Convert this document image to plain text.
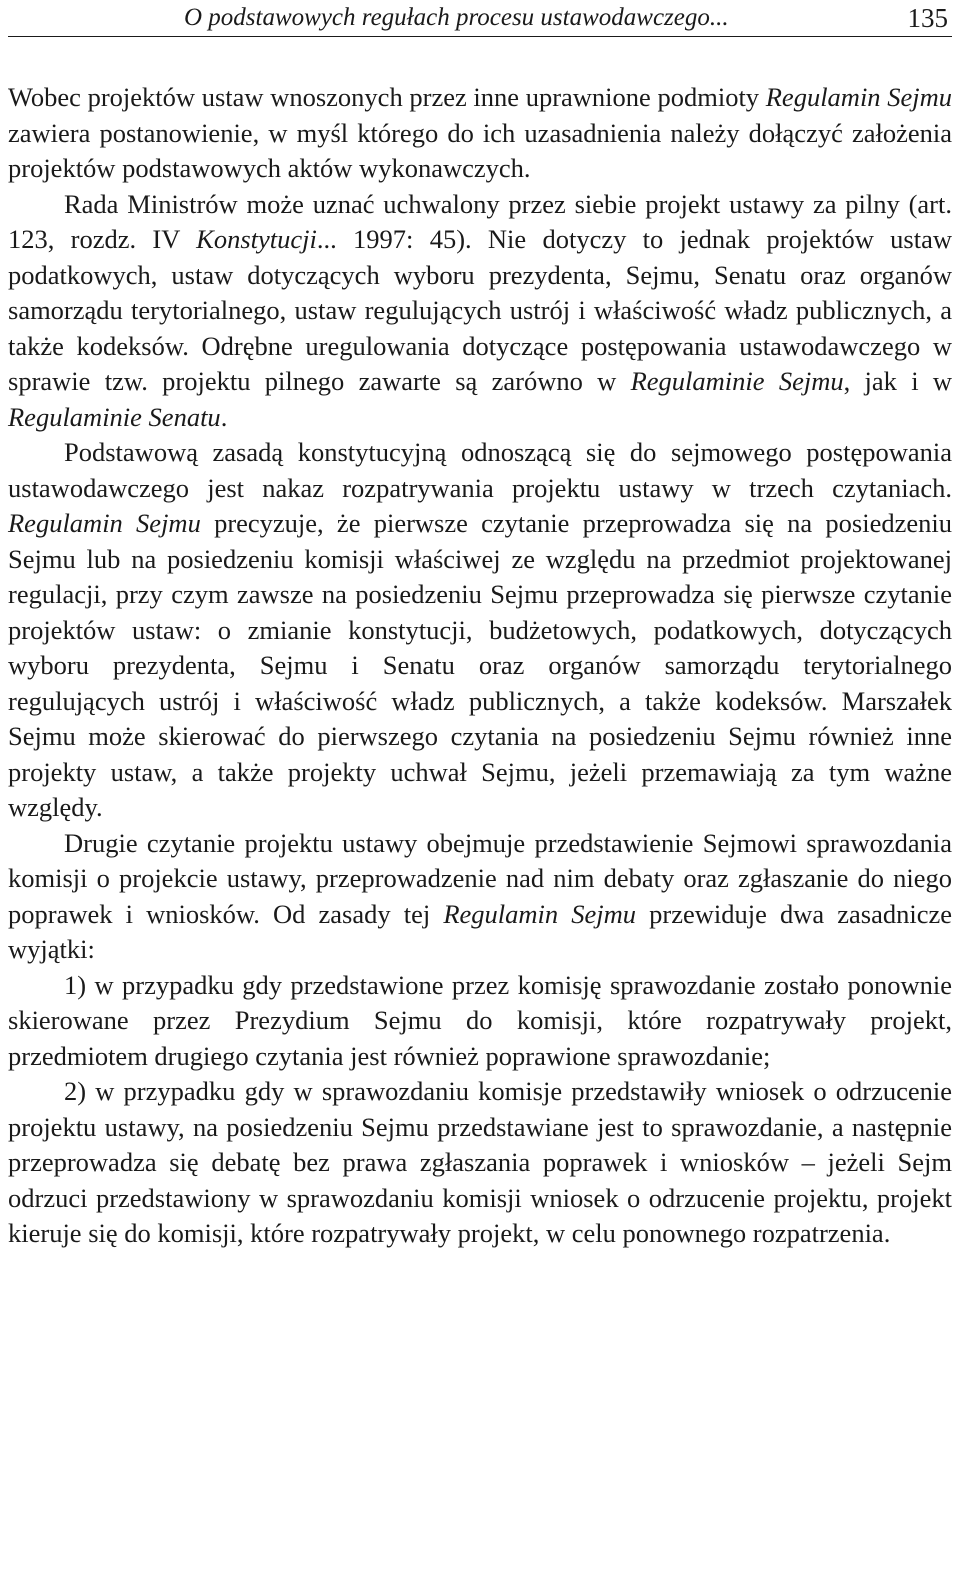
O podstawowych regułach procesu ustawodawczego...	135

Wobec projektów ustaw wnoszonych przez inne uprawnione podmioty Regulamin Sejmu zawiera postanowienie, w myśl którego do ich uzasadnienia należy dołączyć założenia projektów podstawowych aktów wykonawczych.

Rada Ministrów może uznać uchwalony przez siebie projekt ustawy za pilny (art. 123, rozdz. IV Konstytucji... 1997: 45). Nie dotyczy to jednak projektów ustaw podatkowych, ustaw dotyczących wyboru prezydenta, Sejmu, Senatu oraz organów samorządu terytorialnego, ustaw regulujących ustrój i właściwość władz publicznych, a także kodeksów. Odrębne uregulowania dotyczące postępowania ustawodawczego w sprawie tzw. projektu pilnego zawarte są zarówno w Regulaminie Sejmu, jak i w Regulaminie Senatu.

Podstawową zasadą konstytucyjną odnoszącą się do sejmowego postępowania ustawodawczego jest nakaz rozpatrywania projektu ustawy w trzech czytaniach. Regulamin Sejmu precyzuje, że pierwsze czytanie przeprowadza się na posiedzeniu Sejmu lub na posiedzeniu komisji właściwej ze względu na przedmiot projektowanej regulacji, przy czym zawsze na posiedzeniu Sejmu przeprowadza się pierwsze czytanie projektów ustaw: o zmianie konstytucji, budżetowych, podatkowych, dotyczących wyboru prezydenta, Sejmu i Senatu oraz organów samorządu terytorialnego regulujących ustrój i właściwość władz publicznych, a także kodeksów. Marszałek Sejmu może skierować do pierwszego czytania na posiedzeniu Sejmu również inne projekty ustaw, a także projekty uchwał Sejmu, jeżeli przemawiają za tym ważne względy.

Drugie czytanie projektu ustawy obejmuje przedstawienie Sejmowi sprawozdania komisji o projekcie ustawy, przeprowadzenie nad nim debaty oraz zgłaszanie do niego poprawek i wniosków. Od zasady tej Regulamin Sejmu przewiduje dwa zasadnicze wyjątki:

1) w przypadku gdy przedstawione przez komisję sprawozdanie zostało ponownie skierowane przez Prezydium Sejmu do komisji, które rozpatrywały projekt, przedmiotem drugiego czytania jest również poprawione sprawozdanie;

2) w przypadku gdy w sprawozdaniu komisje przedstawiły wniosek o odrzucenie projektu ustawy, na posiedzeniu Sejmu przedstawiane jest to sprawozdanie, a następnie przeprowadza się debatę bez prawa zgłaszania poprawek i wniosków – jeżeli Sejm odrzuci przedstawiony w sprawozdaniu komisji wniosek o odrzucenie projektu, projekt kieruje się do komisji, które rozpatrywały projekt, w celu ponownego rozpatrzenia.
